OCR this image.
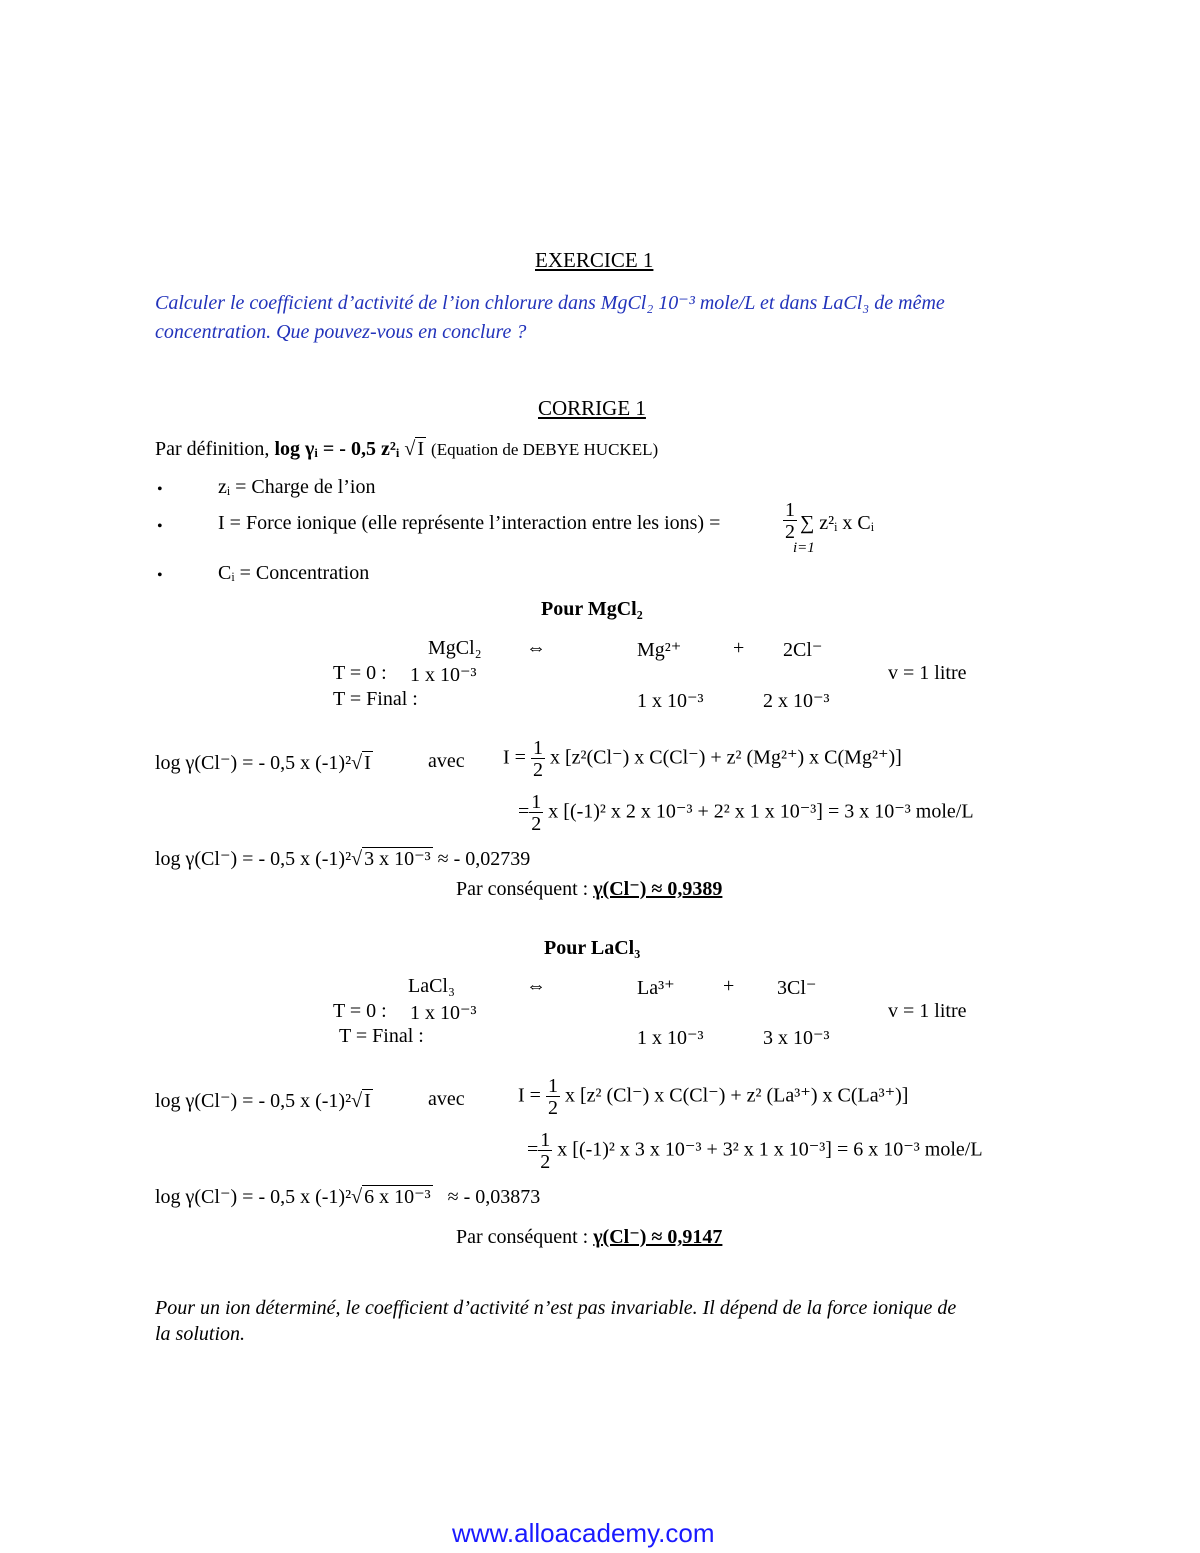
EXERCICE 1
Calculer le coefficient d’activité de l’ion chlorure dans MgCl₂ 10⁻³ mole/L et dans LaCl₃ de même
concentration. Que pouvez-vous en conclure ?
CORRIGE 1
Par définition, log γᵢ = - 0,5 z²ᵢ √ I (Equation de DEBYE HUCKEL)
•	zᵢ = Charge de l’ion
•	I = Force ionique (elle représente l’interaction entre les ions) =	$\frac{1}{2}$ ∑ z²ᵢ x Cᵢ
i=1
•	Cᵢ = Concentration
Pour MgCl₂
MgCl₂ ⇔	Mg²⁺	+ 2Cl⁻
T = 0 : 1 x 10⁻³	v = 1 litre
T = Final :	1 x 10⁻³	2 x 10⁻³
log γ(Cl⁻) = - 0,5 x (-1)²√ I	avec $I = \frac{1}{2}$ x [z²(Cl⁻) x C(Cl⁻) + z² (Mg²⁺) x C(Mg²⁺)]
= $\frac{1}{2}$ x [(-1)² x 2 x 10⁻³ + 2² x 1 x 10⁻³] = 3 x 10⁻³ mole/L
log γ(Cl⁻) = - 0,5 x (-1)²√ 3 x 10⁻³ ≈ - 0,02739
Par conséquent : γ(Cl⁻) ≈ 0,9389
Pour LaCl₃
LaCl₃	⇔	La³⁺ + 3Cl⁻
T = 0 : 1 x 10⁻³	v = 1 litre
T = Final :	1 x 10⁻³	3 x 10⁻³
log γ(Cl⁻) = - 0,5 x (-1)²√ I	avec	$I = \frac{1}{2}$ x [z² (Cl⁻) x C(Cl⁻) + z² (La³⁺) x C(La³⁺)]
= $\frac{1}{2}$ x [(-1)² x 3 x 10⁻³ + 3² x 1 x 10⁻³] = 6 x 10⁻³ mole/L
log γ(Cl⁻) = - 0,5 x (-1)²√ 6 x 10⁻³ ≈ - 0,03873
Par conséquent : γ(Cl⁻) ≈ 0,9147
Pour un ion déterminé, le coefficient d’activité n’est pas invariable. Il dépend de la force ionique de
la solution.
www.alloacademy.com
